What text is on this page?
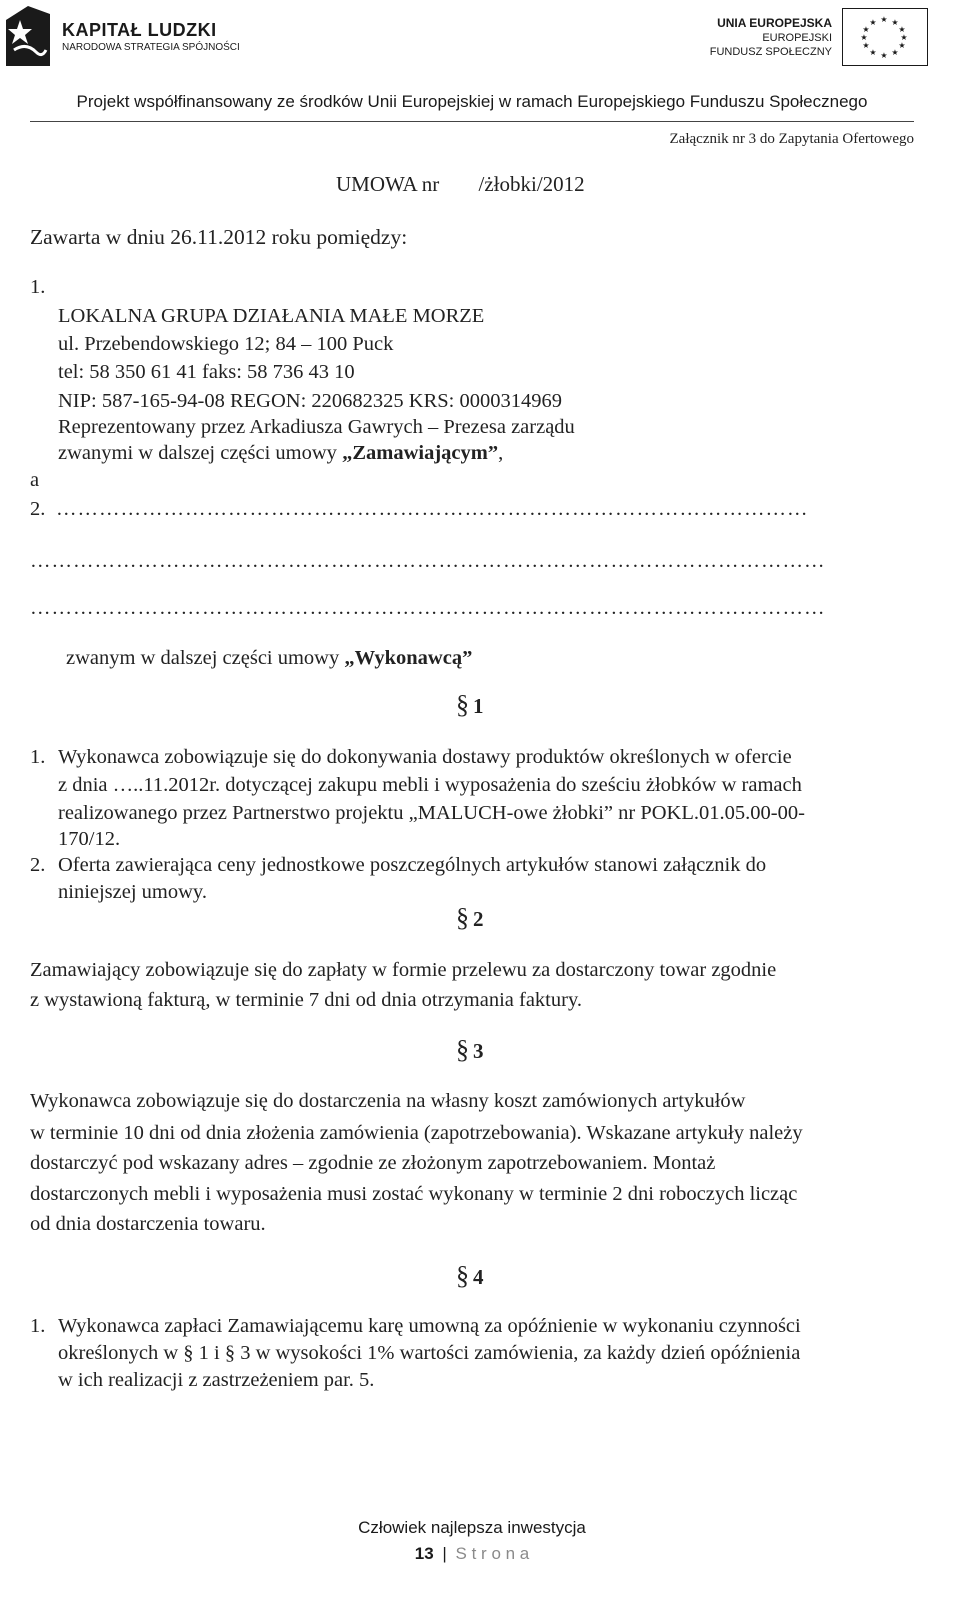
KAPITAŁ LUDZKI
NARODOWA STRATEGIA SPÓJNOŚCI
UNIA EUROPEJSKA
EUROPEJSKI
FUNDUSZ SPOŁECZNY
★ ★
★
★
★
★
★
★
★
★
★
★
Projekt współfinansowany ze środków Unii Europejskiej w ramach Europejskiego Funduszu Społecznego
Załącznik nr 3 do Zapytania Ofertowego
UMOWA nr /żłobki/2012
Zawarta w dniu 26.11.2012 roku pomiędzy:
1.
LOKALNA GRUPA DZIAŁANIA MAŁE MORZE
ul. Przebendowskiego 12; 84 – 100 Puck
tel: 58 350 61 41 faks: 58 736 43 10
NIP: 587-165-94-08 REGON: 220682325 KRS: 0000314969
Reprezentowany przez Arkadiusza Gawrych – Prezesa zarządu
zwanymi w dalszej części umowy „Zamawiającym”,
a
2. ……………………………………………………………………………………………
…………………………………………………………………………………………………
…………………………………………………………………………………………………
zwanym w dalszej części umowy „Wykonawcą”
§ 1
1. Wykonawca zobowiązuje się do dokonywania dostawy produktów określonych w ofercie
z dnia …..11.2012r. dotyczącej zakupu mebli i wyposażenia do sześciu żłobków w ramach
realizowanego przez Partnerstwo projektu „MALUCH-owe żłobki” nr POKL.01.05.00-00-
170/12.
2. Oferta zawierająca ceny jednostkowe poszczególnych artykułów stanowi załącznik do
niniejszej umowy.
§ 2
Zamawiający zobowiązuje się do zapłaty w formie przelewu za dostarczony towar zgodnie
z wystawioną fakturą, w terminie 7 dni od dnia otrzymania faktury.
§ 3
Wykonawca zobowiązuje się do dostarczenia na własny koszt zamówionych artykułów
w terminie 10 dni od dnia złożenia zamówienia (zapotrzebowania). Wskazane artykuły należy
dostarczyć pod wskazany adres – zgodnie ze złożonym zapotrzebowaniem. Montaż
dostarczonych mebli i wyposażenia musi zostać wykonany w terminie 2 dni roboczych licząc
od dnia dostarczenia towaru.
§ 4
1. Wykonawca zapłaci Zamawiającemu karę umowną za opóźnienie w wykonaniu czynności
określonych w § 1 i § 3 w wysokości 1% wartości zamówienia, za każdy dzień opóźnienia
w ich realizacji z zastrzeżeniem par. 5.
Człowiek najlepsza inwestycja
13 | S t r o n a
